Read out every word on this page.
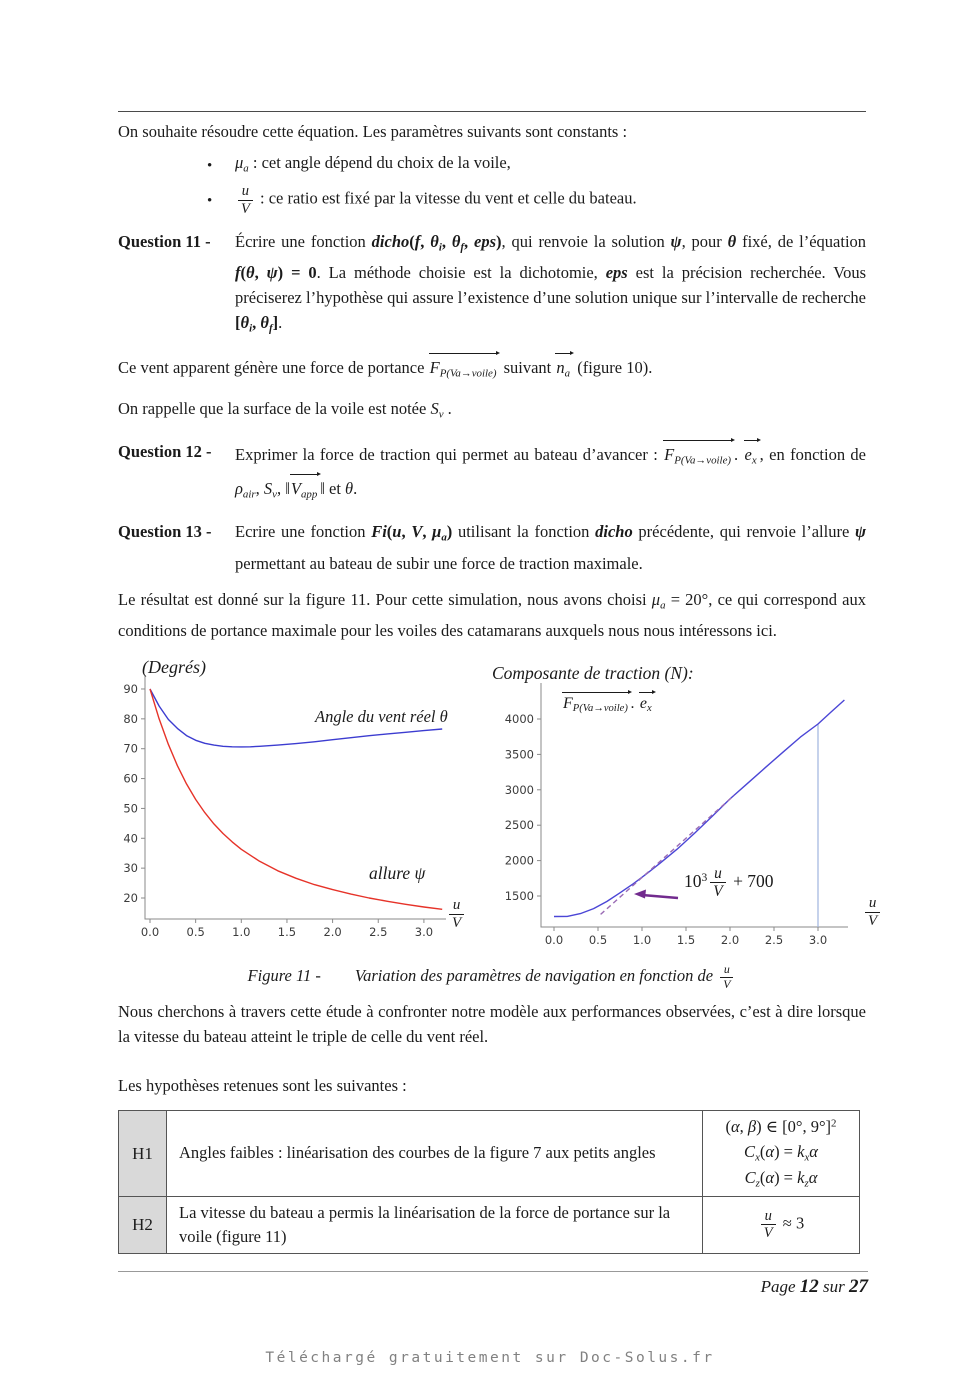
On souhaite résoudre cette équation. Les paramètres suivants sont constants :

•
$\mu_a$ : cet angle dépend du choix de la voile,
•
$\frac{u}{V}$ : ce ratio est fixé par la vitesse du vent et celle du bateau.
Question 11 - Écrire une fonction dicho(f, $\theta_i$, $\theta_f$, eps), qui renvoie la solution ψ, pour θ fixé, de l’équation f(θ, ψ) = 0. La méthode choisie est la dichotomie, eps est la précision recherchée. Vous préciserez l’hypothèse qui assure l’existence d’une solution unique sur l’intervalle de recherche [$\theta_i$, $\theta_f$].

Ce vent apparent génère une force de portance $F_{P(Va\to voile)}$ suivant $n_a$ (figure 10).

On rappelle que la surface de la voile est notée $S_v$ .

Question 12 - Exprimer la force de traction qui permet au bateau d’avancer : $F_{P(Va\to voile)}$ . $e_x$ , en fonction de $\rho_{air}$, $S_v$, $‖V_{app}$ ‖ et θ.
Question 13 - Ecrire une fonction Fi(u, V, $\mu_a$) utilisant la fonction dicho précédente, qui renvoie l’allure ψ permettant au bateau de subir une force de traction maximale.

Le résultat est donné sur la figure 11. Pour cette simulation, nous avons choisi $\mu_a = 20^\circ$, ce qui correspond aux conditions de portance maximale pour les voiles des catamarans auxquels nous nous intéressons ici.

0.0 0.5 1.0 1.5 2.0 2.5 3.0
20
30
40
50
60
70
80
90
(Degrés)
Angle du vent réel θ
allure ψ
$\frac{u}{V}$
0.0 0.5 1.0 1.5 2.0 2.5 3.0
1500
2000
2500
3000
3500
4000
Composante de traction (N):
$F_{P(Va\to voile)}$ . $e_x$
$10^3 \frac{u}{V} + 700$
$\frac{u}{V}$
Figure 11 - Variation des paramètres de navigation en fonction de $\frac{u}{V}$

Nous cherchons à travers cette étude à confronter notre modèle aux performances observées, c’est à dire lorsque la vitesse du bateau atteint le triple de celle du vent réel.

Les hypothèses retenues sont les suivantes :

H1	Angles faibles : linéarisation des courbes de la figure 7 aux petits angles	(α, β) ∈ [0°, 9°]$^2$
$C_x(\alpha) = k_x\alpha$
$C_z(\alpha) = k_z\alpha$

H2	La vitesse du bateau a permis la linéarisation de la force de portance sur la voile (figure 11)	$\frac{u}{V} \approx 3$
Page 12 sur 27
Téléchargé gratuitement sur Doc-Solus.fr
